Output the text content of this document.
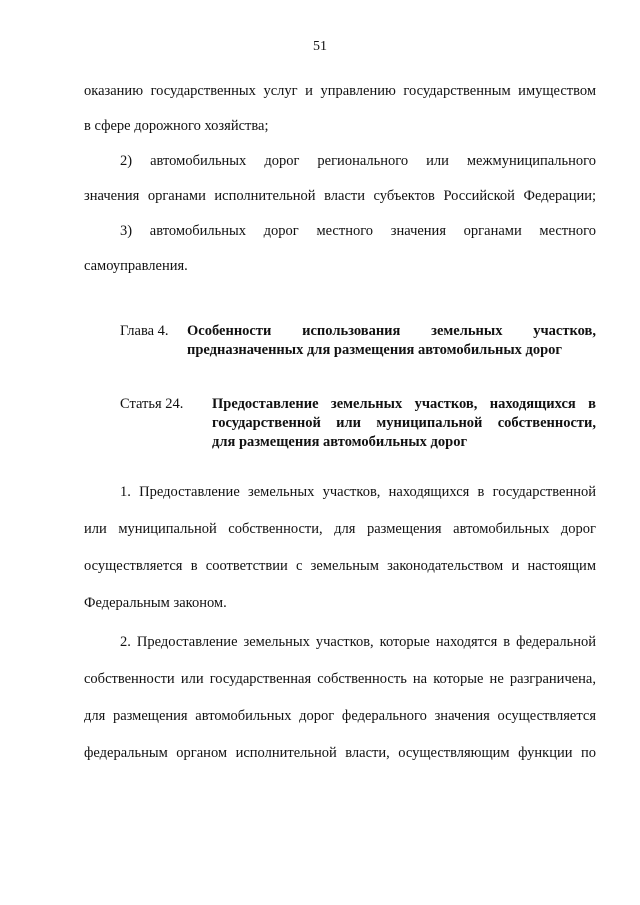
51
оказанию государственных услуг и управлению государственным имуществом
в сфере дорожного хозяйства;
2) автомобильных дорог регионального или межмуниципального
значения органами исполнительной власти субъектов Российской Федерации;
3) автомобильных дорог местного значения органами местного
самоуправления.
Глава 4. Особенности использования земельных участков,
предназначенных для размещения автомобильных дорог
Статья 24. Предоставление земельных участков, находящихся в
государственной или муниципальной собственности,
для размещения автомобильных дорог
1. Предоставление земельных участков, находящихся в государственной
или муниципальной собственности, для размещения автомобильных дорог
осуществляется в соответствии с земельным законодательством и настоящим
Федеральным законом.
2. Предоставление земельных участков, которые находятся в федеральной
собственности или государственная собственность на которые не разграничена,
для размещения автомобильных дорог федерального значения осуществляется
федеральным органом исполнительной власти, осуществляющим функции по
